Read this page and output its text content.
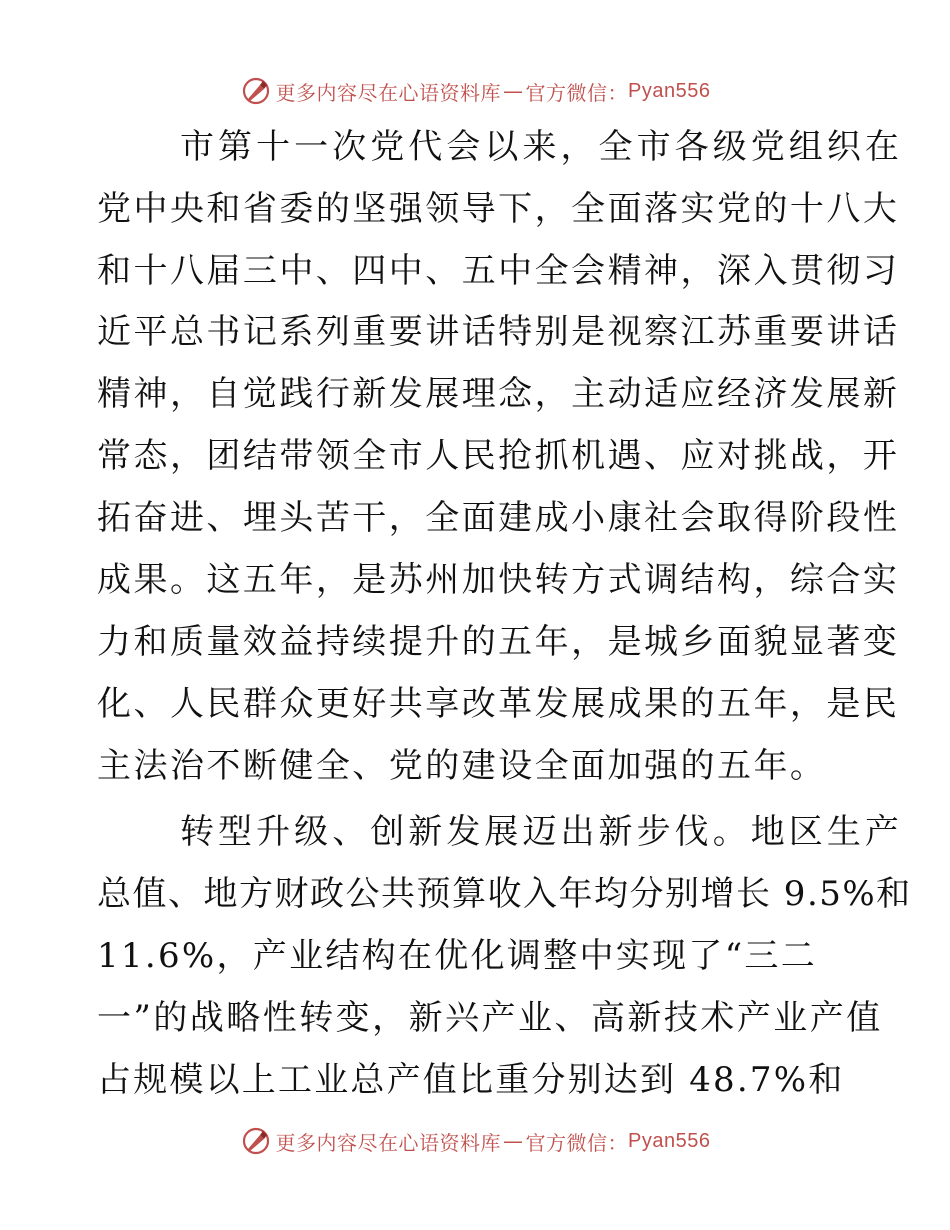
更多内容尽在心语资料库 — 官方微信： Pyan556
市第十一次党代会以来，全市各级党组织在
党中央和省委的坚强领导下，全面落实党的十八大
和十八届三中、四中、五中全会精神，深入贯彻习
近平总书记系列重要讲话特别是视察江苏重要讲话
精神，自觉践行新发展理念，主动适应经济发展新
常态，团结带领全市人民抢抓机遇、应对挑战，开
拓奋进、埋头苦干，全面建成小康社会取得阶段性
成果。这五年，是苏州加快转方式调结构，综合实
力和质量效益持续提升的五年，是城乡面貌显著变
化、人民群众更好共享改革发展成果的五年，是民
主法治不断健全、党的建设全面加强的五年。
转型升级、创新发展迈出新步伐。地区生产
总值、地方财政公共预算收入年均分别增长 9.5%和
11.6%，产业结构在优化调整中实现了“三二
一”的战略性转变，新兴产业、高新技术产业产值
占规模以上工业总产值比重分别达到 48.7%和
更多内容尽在心语资料库 — 官方微信： Pyan556
